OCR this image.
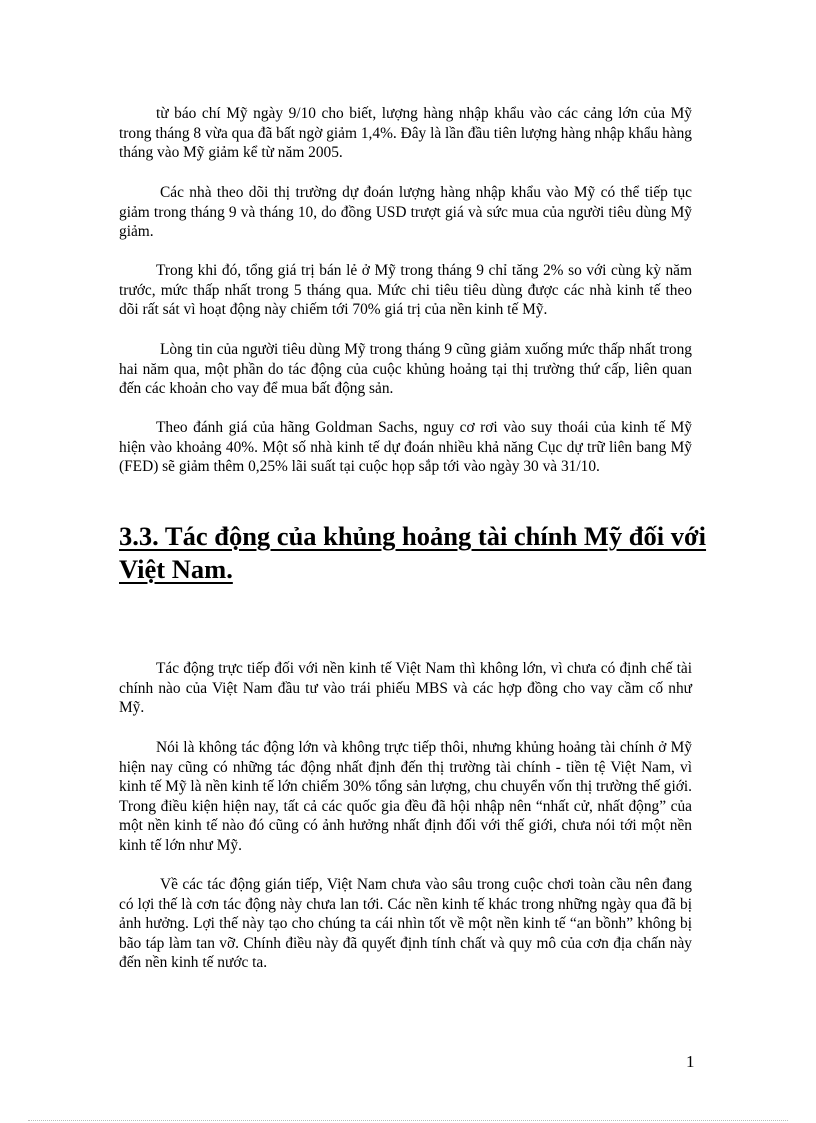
từ báo chí Mỹ ngày 9/10 cho biết, lượng hàng nhập khẩu vào các cảng lớn của Mỹ trong tháng 8 vừa qua đã bất ngờ giảm 1,4%. Đây là lần đầu tiên lượng hàng nhập khẩu hàng tháng vào Mỹ giảm kể từ năm 2005.

Các nhà theo dõi thị trường dự đoán lượng hàng nhập khẩu vào Mỹ có thể tiếp tục giảm trong tháng 9 và tháng 10, do đồng USD trượt giá và sức mua của người tiêu dùng Mỹ giảm.

Trong khi đó, tổng giá trị bán lẻ ở Mỹ trong tháng 9 chỉ tăng 2% so với cùng kỳ năm trước, mức thấp nhất trong 5 tháng qua. Mức chi tiêu tiêu dùng được các nhà kinh tế theo dõi rất sát vì hoạt động này chiếm tới 70% giá trị của nền kinh tế Mỹ.

Lòng tin của người tiêu dùng Mỹ trong tháng 9 cũng giảm xuống mức thấp nhất trong hai năm qua, một phần do tác động của cuộc khủng hoảng tại thị trường thứ cấp, liên quan đến các khoản cho vay để mua bất động sản.

Theo đánh giá của hãng Goldman Sachs, nguy cơ rơi vào suy thoái của kinh tế Mỹ hiện vào khoảng 40%. Một số nhà kinh tế dự đoán nhiều khả năng Cục dự trữ liên bang Mỹ (FED) sẽ giảm thêm 0,25% lãi suất tại cuộc họp sắp tới vào ngày 30 và 31/10.

3.3. Tác động của khủng hoảng tài chính Mỹ đối với Việt Nam.

Tác động trực tiếp đối với nền kinh tế Việt Nam thì không lớn, vì chưa có định chế tài chính nào của Việt Nam đầu tư vào trái phiếu MBS và các hợp đồng cho vay cầm cố như Mỹ.

Nói là không tác động lớn và không trực tiếp thôi, nhưng khủng hoảng tài chính ở Mỹ hiện nay cũng có những tác động nhất định đến thị trường tài chính - tiền tệ Việt Nam, vì kinh tế Mỹ là nền kinh tế lớn chiếm 30% tổng sản lượng, chu chuyển vốn thị trường thế giới. Trong điều kiện hiện nay, tất cả các quốc gia đều đã hội nhập nên “nhất cử, nhất động” của một nền kinh tế nào đó cũng có ảnh hưởng nhất định đối với thế giới, chưa nói tới một nền kinh tế lớn như Mỹ.

Về các tác động gián tiếp, Việt Nam chưa vào sâu trong cuộc chơi toàn cầu nên đang có lợi thế là cơn tác động này chưa lan tới. Các nền kinh tế khác trong những ngày qua đã bị ảnh hưởng. Lợi thế này tạo cho chúng ta cái nhìn tốt về một nền kinh tế “an bồnh” không bị bão táp làm tan vỡ. Chính điều này đã quyết định tính chất và quy mô của cơn địa chấn này đến nền kinh tế nước ta.

1
